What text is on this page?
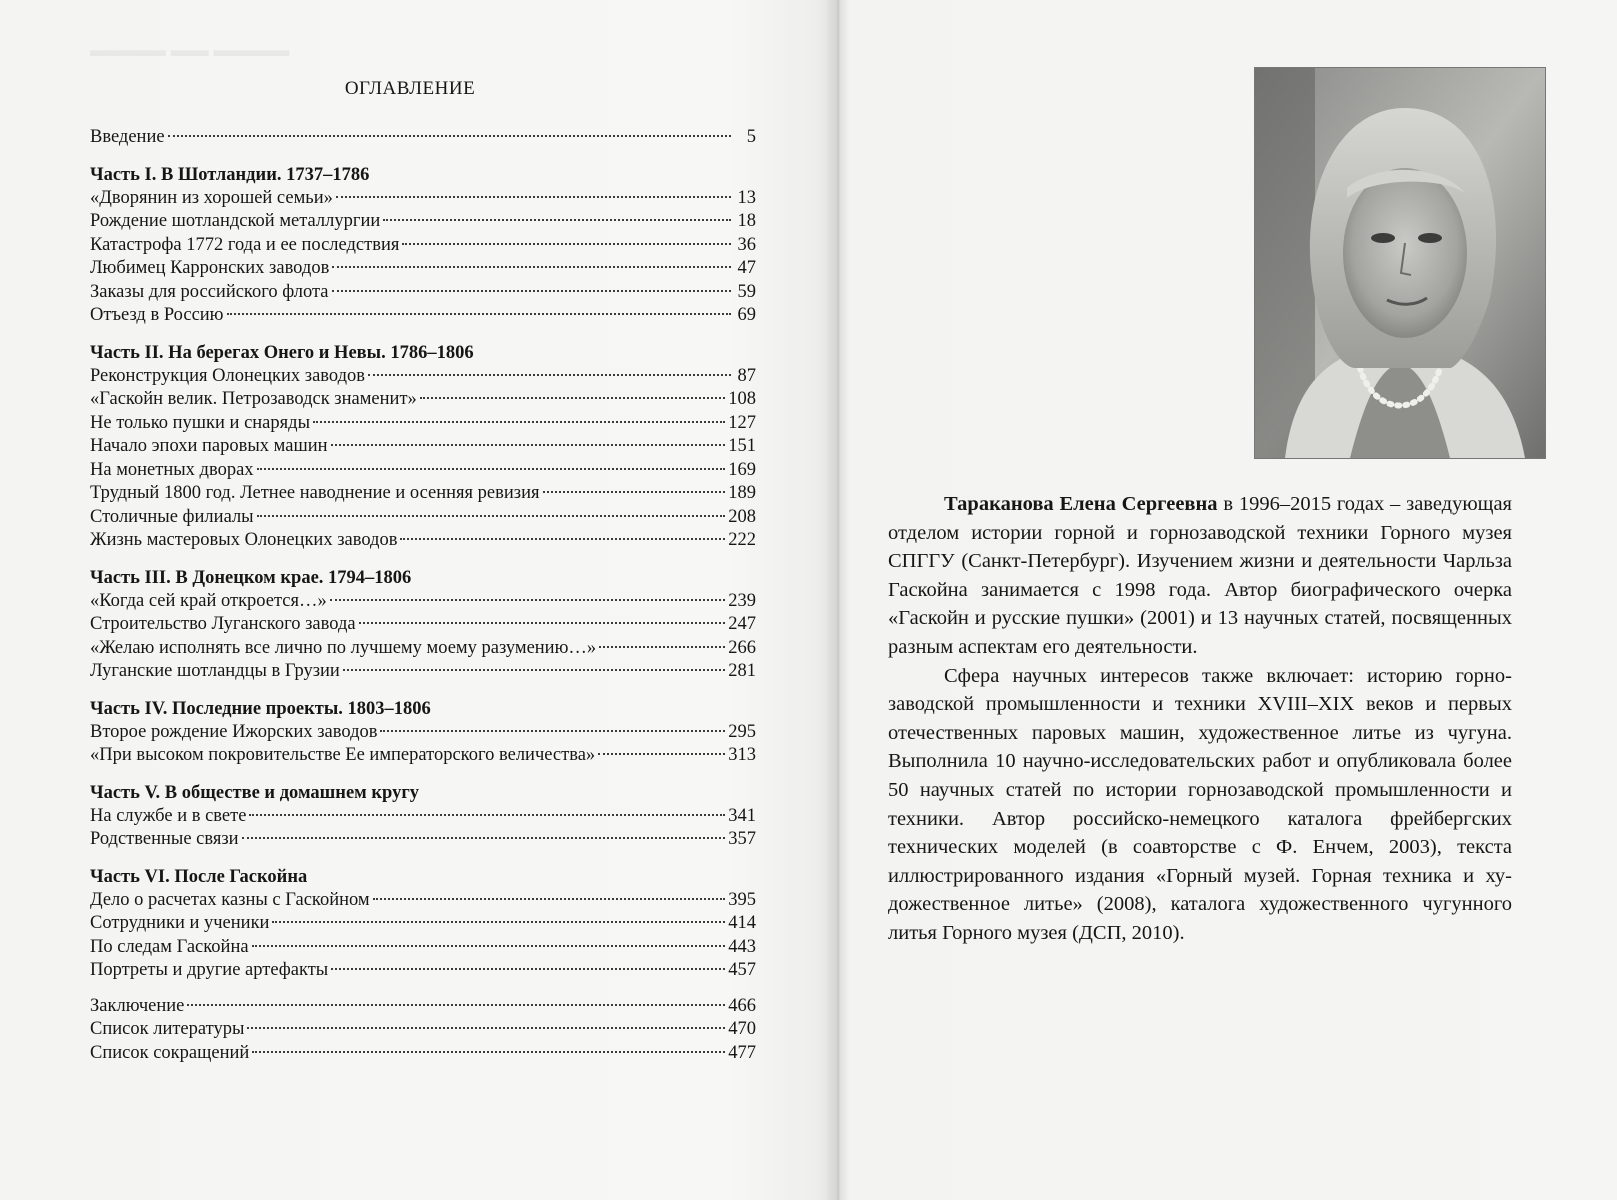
▬▬▬▬ ▬▬ ▬▬▬▬
ОГЛАВЛЕНИЕ
Введение	5
Часть I. В Шотландии. 1737–1786
«Дворянин из хорошей семьи»	13
Рождение шотландской металлургии	18
Катастрофа 1772 года и ее последствия	36
Любимец Карронских заводов	47
Заказы для российского флота	59
Отъезд в Россию	69
Часть II. На берегах Онего и Невы. 1786–1806
Реконструкция Олонецких заводов	87
«Гаскойн велик. Петрозаводск знаменит»	108
Не только пушки и снаряды	127
Начало эпохи паровых машин	151
На монетных дворах	169
Трудный 1800 год. Летнее наводнение и осенняя ревизия	189
Столичные филиалы	208
Жизнь мастеровых Олонецких заводов	222
Часть III. В Донецком крае. 1794–1806
«Когда сей край откроется…»	239
Строительство Луганского завода	247
«Желаю исполнять все лично по лучшему моему разумению…»	266
Луганские шотландцы в Грузии	281
Часть IV. Последние проекты. 1803–1806
Второе рождение Ижорских заводов	295
«При высоком покровительстве Ее императорского величества»	313
Часть V. В обществе и домашнем кругу
На службе и в свете	341
Родственные связи	357
Часть VI. После Гаскойна
Дело о расчетах казны с Гаскойном	395
Сотрудники и ученики	414
По следам Гаскойна	443
Портреты и другие артефакты	457
Заключение	466
Список литературы	470
Список сокращений	477

Тараканова Елена Сергеевна в 1996–2015 годах – заведующая отделом истории горной и горнозаводской техники Горного музея СПГГУ (Санкт-Петербург). Изучением жизни и деятельности Чарльза Гаскойна занимается с 1998 года. Автор биографического очерка «Гаскойн и русские пушки» (2001) и 13 научных статей, посвященных разным аспектам его деятельности.

Сфера научных интересов также включает: историю горнозаводской промышленности и техники XVIII–XIX веков и первых отечественных паровых машин, художественное литье из чугуна. Выполнила 10 научно-исследовательских работ и опубликовала более 50 научных статей по истории горнозаводской промышленности и техники. Автор российско-немецкого каталога фрейбергских технических моделей (в соавторстве с Ф. Енчем, 2003), текста иллюстрированного издания «Горный музей. Горная техника и художественное литье» (2008), каталога художественного чугунного литья Горного музея (ДСП, 2010).
